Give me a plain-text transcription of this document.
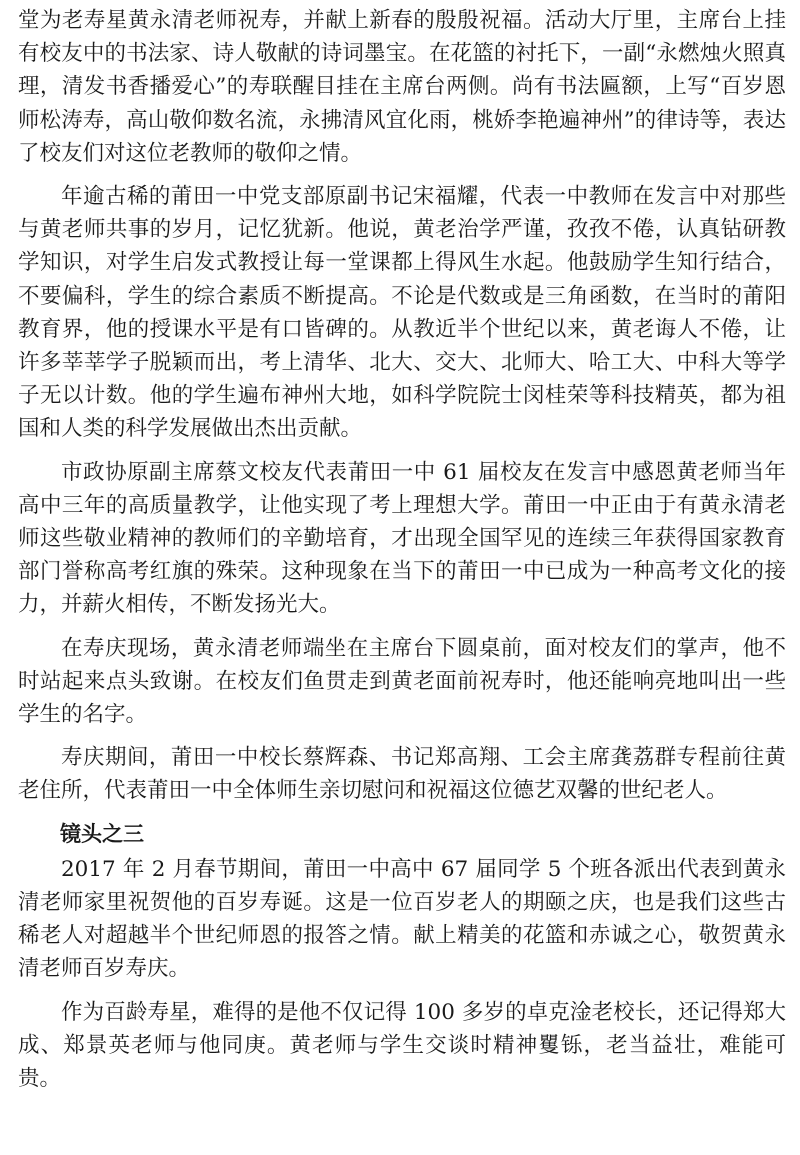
堂为老寿星黄永清老师祝寿，并献上新春的殷殷祝福。活动大厅里，主席台上挂有校友中的书法家、诗人敬献的诗词墨宝。在花篮的衬托下，一副“永燃烛火照真理，清发书香播爱心”的寿联醒目挂在主席台两侧。尚有书法匾额，上写“百岁恩师松涛寿，高山敬仰数名流，永拂清风宜化雨，桃娇李艳遍神州”的律诗等，表达了校友们对这位老教师的敬仰之情。

年逾古稀的莆田一中党支部原副书记宋福耀，代表一中教师在发言中对那些与黄老师共事的岁月，记忆犹新。他说，黄老治学严谨，孜孜不倦，认真钻研教学知识，对学生启发式教授让每一堂课都上得风生水起。他鼓励学生知行结合，不要偏科，学生的综合素质不断提高。不论是代数或是三角函数，在当时的莆阳教育界，他的授课水平是有口皆碑的。从教近半个世纪以来，黄老诲人不倦，让许多莘莘学子脱颖而出，考上清华、北大、交大、北师大、哈工大、中科大等学子无以计数。他的学生遍布神州大地，如科学院院士闵桂荣等科技精英，都为祖国和人类的科学发展做出杰出贡献。

市政协原副主席蔡文校友代表莆田一中 61 届校友在发言中感恩黄老师当年高中三年的高质量教学，让他实现了考上理想大学。莆田一中正由于有黄永清老师这些敬业精神的教师们的辛勤培育，才出现全国罕见的连续三年获得国家教育部门誉称高考红旗的殊荣。这种现象在当下的莆田一中已成为一种高考文化的接力，并薪火相传，不断发扬光大。

在寿庆现场，黄永清老师端坐在主席台下圆桌前，面对校友们的掌声，他不时站起来点头致谢。在校友们鱼贯走到黄老面前祝寿时，他还能响亮地叫出一些学生的名字。

寿庆期间，莆田一中校长蔡辉森、书记郑高翔、工会主席龚荔群专程前往黄老住所，代表莆田一中全体师生亲切慰问和祝福这位德艺双馨的世纪老人。

镜头之三

2017 年 2 月春节期间，莆田一中高中 67 届同学 5 个班各派出代表到黄永清老师家里祝贺他的百岁寿诞。这是一位百岁老人的期颐之庆，也是我们这些古稀老人对超越半个世纪师恩的报答之情。献上精美的花篮和赤诚之心，敬贺黄永清老师百岁寿庆。

作为百龄寿星，难得的是他不仅记得 100 多岁的卓克淦老校长，还记得郑大成、郑景英老师与他同庚。黄老师与学生交谈时精神矍铄，老当益壮，难能可贵。
